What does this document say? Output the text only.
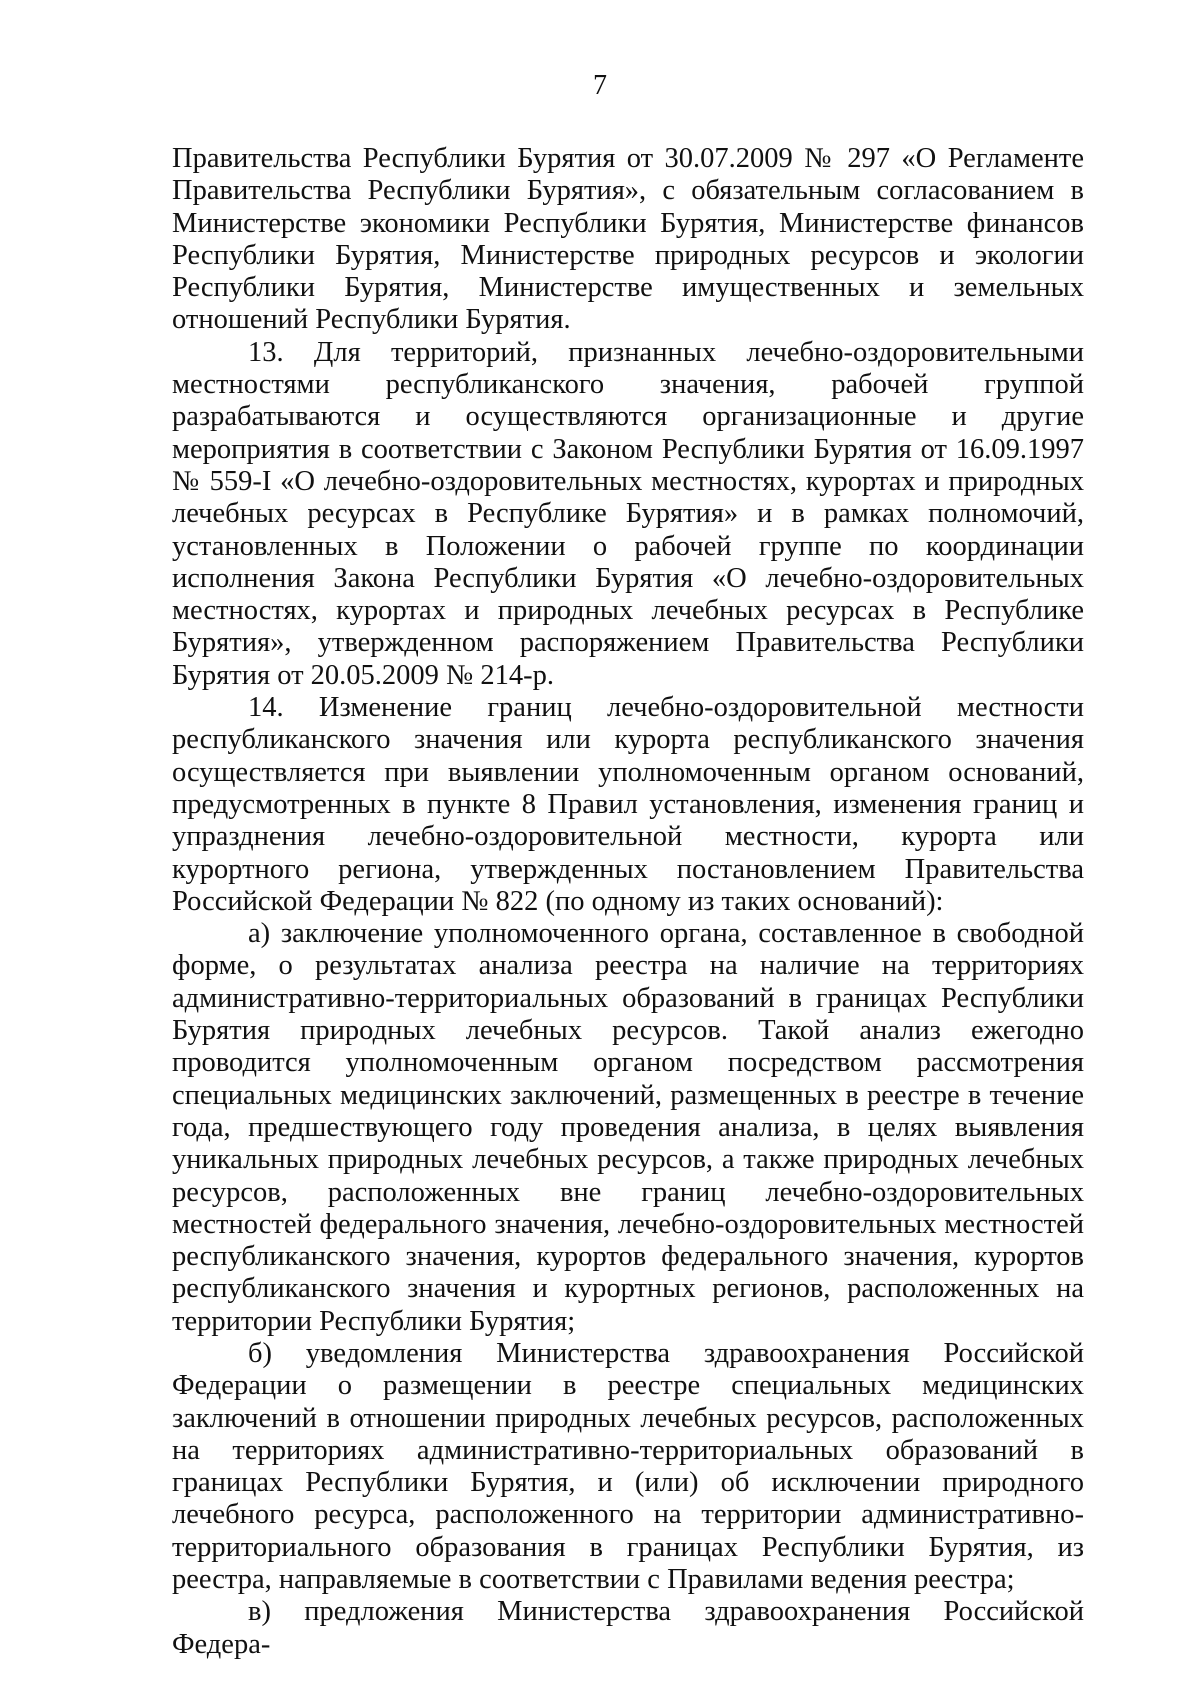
7

Правительства Республики Бурятия от 30.07.2009 № 297 «О Регламенте Правительства Республики Бурятия», с обязательным согласованием в Министерстве экономики Республики Бурятия, Министерстве финансов Республики Бурятия, Министерстве природных ресурсов и экологии Республики Бурятия, Министерстве имущественных и земельных отношений Республики Бурятия.

13. Для территорий, признанных лечебно-оздоровительными местностями республиканского значения, рабочей группой разрабатываются и осуществляются организационные и другие мероприятия в соответствии с Законом Республики Бурятия от 16.09.1997 № 559-I «О лечебно-оздоровительных местностях, курортах и природных лечебных ресурсах в Республике Бурятия» и в рамках полномочий, установленных в Положении о рабочей группе по координации исполнения Закона Республики Бурятия «О лечебно-оздоровительных местностях, курортах и природных лечебных ресурсах в Республике Бурятия», утвержденном распоряжением Правительства Республики Бурятия от 20.05.2009 № 214-р.

14. Изменение границ лечебно-оздоровительной местности республиканского значения или курорта республиканского значения осуществляется при выявлении уполномоченным органом оснований, предусмотренных в пункте 8 Правил установления, изменения границ и упразднения лечебно-оздоровительной местности, курорта или курортного региона, утвержденных постановлением Правительства Российской Федерации № 822 (по одному из таких оснований):

а) заключение уполномоченного органа, составленное в свободной форме, о результатах анализа реестра на наличие на территориях административно-территориальных образований в границах Республики Бурятия природных лечебных ресурсов. Такой анализ ежегодно проводится уполномоченным органом посредством рассмотрения специальных медицинских заключений, размещенных в реестре в течение года, предшествующего году проведения анализа, в целях выявления уникальных природных лечебных ресурсов, а также природных лечебных ресурсов, расположенных вне границ лечебно-оздоровительных местностей федерального значения, лечебно-оздоровительных местностей республиканского значения, курортов федерального значения, курортов республиканского значения и курортных регионов, расположенных на территории Республики Бурятия;

б) уведомления Министерства здравоохранения Российской Федерации о размещении в реестре специальных медицинских заключений в отношении природных лечебных ресурсов, расположенных на территориях административно-территориальных образований в границах Республики Бурятия, и (или) об исключении природного лечебного ресурса, расположенного на территории административно-территориального образования в границах Республики Бурятия, из реестра, направляемые в соответствии с Правилами ведения реестра;

в) предложения Министерства здравоохранения Российской Федера-
